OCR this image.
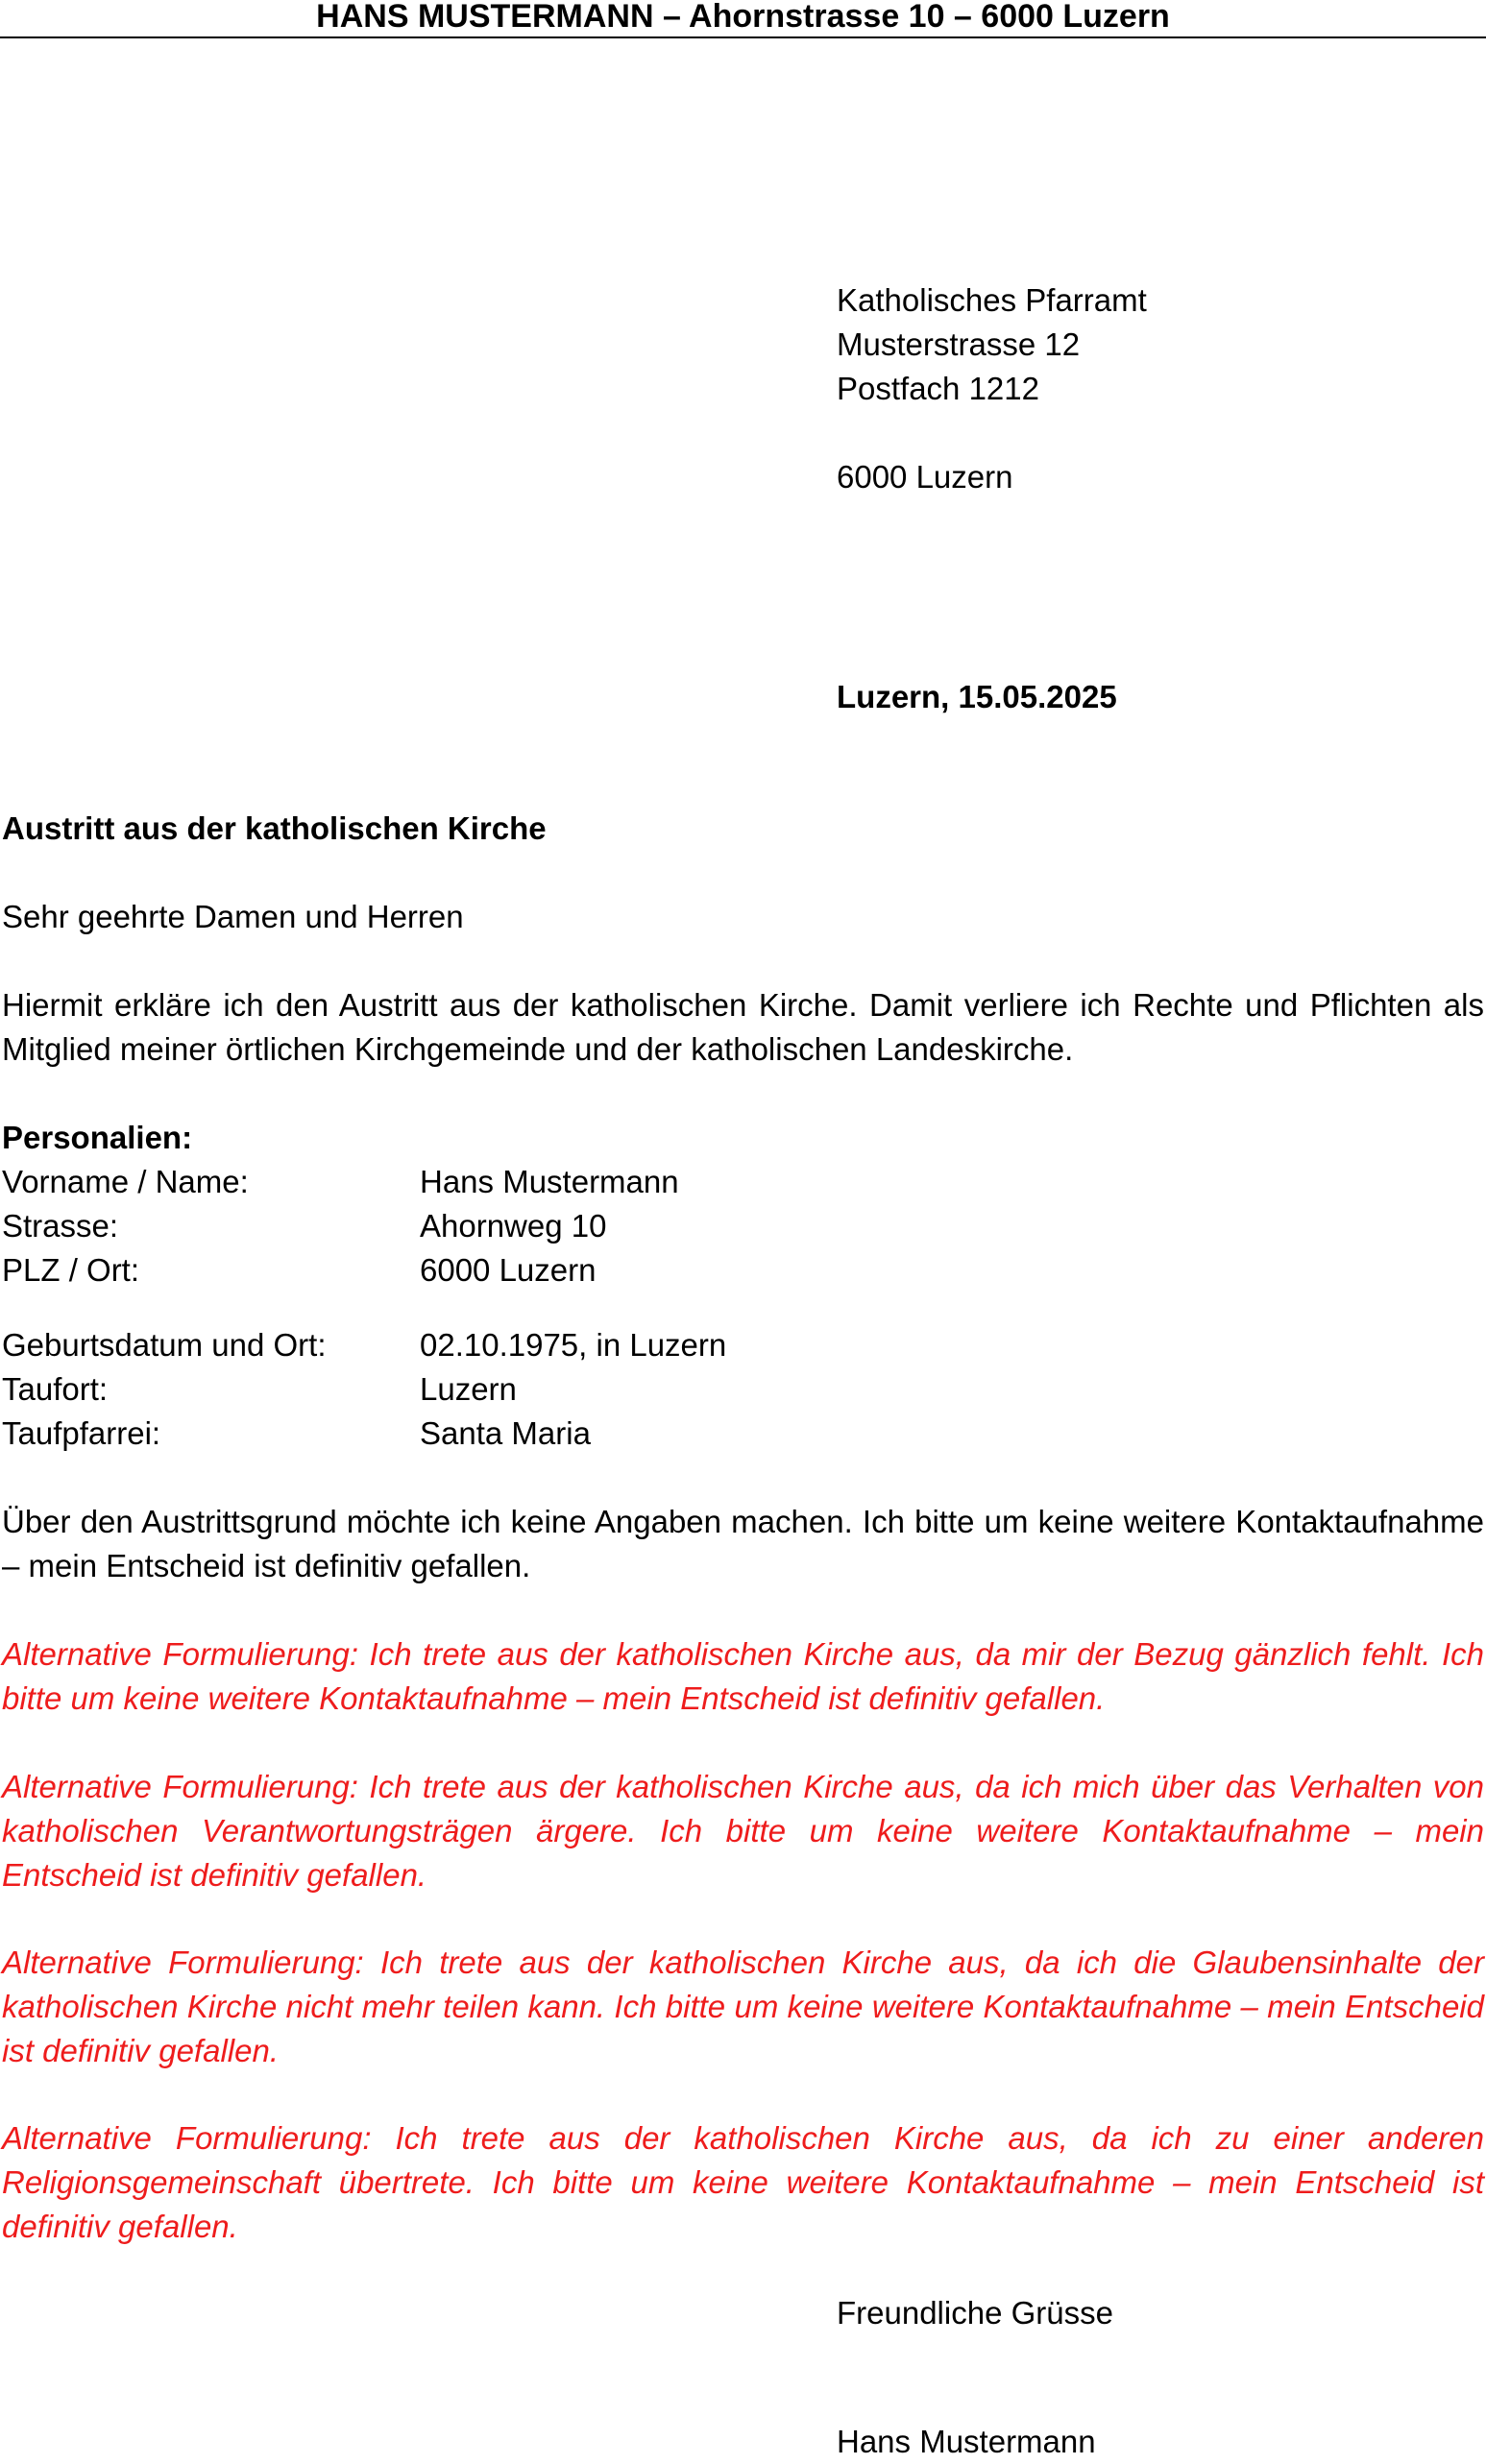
HANS MUSTERMANN – Ahornstrasse 10 – 6000 Luzern
Katholisches Pfarramt
Musterstrasse 12
Postfach 1212
6000 Luzern
Luzern, 15.05.2025
Austritt aus der katholischen Kirche
Sehr geehrte Damen und Herren
Hiermit erkläre ich den Austritt aus der katholischen Kirche. Damit verliere ich Rechte und Pflichten als Mitglied meiner örtlichen Kirchgemeinde und der katholischen Landeskirche.
Personalien:
Vorname / Name:	Hans Mustermann
Strasse:	Ahornweg 10
PLZ / Ort:	6000 Luzern
Geburtsdatum und Ort:	02.10.1975, in Luzern
Taufort:	Luzern
Taufpfarrei:	Santa Maria
Über den Austrittsgrund möchte ich keine Angaben machen. Ich bitte um keine weitere Kontaktaufnahme – mein Entscheid ist definitiv gefallen.
Alternative Formulierung: Ich trete aus der katholischen Kirche aus, da mir der Bezug gänzlich fehlt. Ich bitte um keine weitere Kontaktaufnahme – mein Entscheid ist definitiv gefallen.
Alternative Formulierung: Ich trete aus der katholischen Kirche aus, da ich mich über das Verhalten von katholischen Verantwortungsträgen ärgere. Ich bitte um keine weitere Kontaktaufnahme – mein Entscheid ist definitiv gefallen.
Alternative Formulierung: Ich trete aus der katholischen Kirche aus, da ich die Glaubensinhalte der katholischen Kirche nicht mehr teilen kann. Ich bitte um keine weitere Kontaktaufnahme – mein Entscheid ist definitiv gefallen.
Alternative Formulierung: Ich trete aus der katholischen Kirche aus, da ich zu einer anderen Religionsgemeinschaft übertrete. Ich bitte um keine weitere Kontaktaufnahme – mein Entscheid ist definitiv gefallen.
Freundliche Grüsse
Hans Mustermann
